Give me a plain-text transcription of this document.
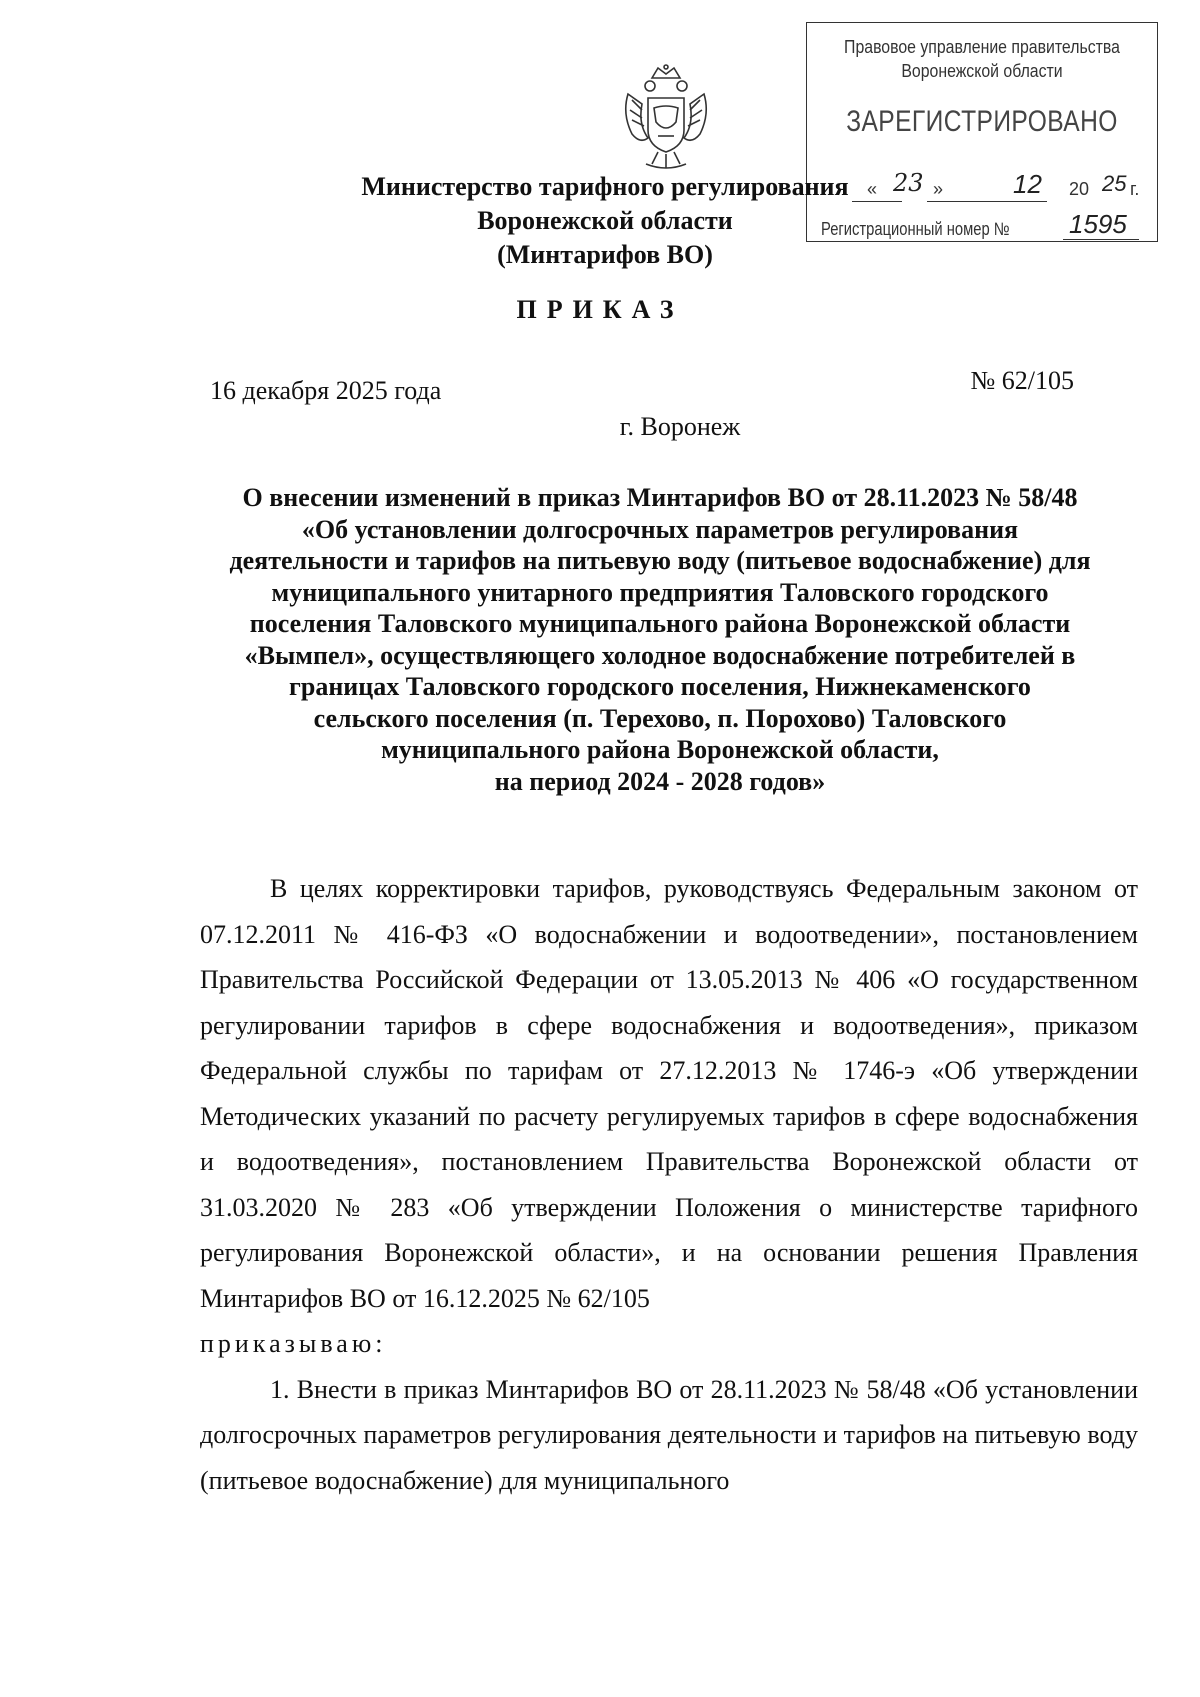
Правовое управление правительства
Воронежской области
ЗАРЕГИСТРИРОВАНО
« 23 »	12 20 25 г.
Регистрационный номер № 1595
Министерство тарифного регулирования
Воронежской области
(Минтарифов ВО)
ПРИКАЗ
16 декабря 2025 года	№ 62/105
г. Воронеж
О внесении изменений в приказ Минтарифов ВО от 28.11.2023 № 58/48
«Об установлении долгосрочных параметров регулирования
деятельности и тарифов на питьевую воду (питьевое водоснабжение) для
муниципального унитарного предприятия Таловского городского
поселения Таловского муниципального района Воронежской области
«Вымпел», осуществляющего холодное водоснабжение потребителей в
границах Таловского городского поселения, Нижнекаменского
сельского поселения (п. Терехово, п. Порохово) Таловского
муниципального района Воронежской области,
на период 2024 - 2028 годов»

В целях корректировки тарифов, руководствуясь Федеральным законом от 07.12.2011 № 416-ФЗ «О водоснабжении и водоотведении», постановлением Правительства Российской Федерации от 13.05.2013 № 406 «О государственном регулировании тарифов в сфере водоснабжения и водоотведения», приказом Федеральной службы по тарифам от 27.12.2013 № 1746-э «Об утверждении Методических указаний по расчету регулируемых тарифов в сфере водоснабжения и водоотведения», постановлением Правительства Воронежской области от 31.03.2020 № 283 «Об утверждении Положения о министерстве тарифного регулирования Воронежской области», и на основании решения Правления Минтарифов ВО от 16.12.2025 № 62/105

приказываю:

1. Внести в приказ Минтарифов ВО от 28.11.2023 № 58/48 «Об установлении долгосрочных параметров регулирования деятельности и тарифов на питьевую воду (питьевое водоснабжение) для муниципального
